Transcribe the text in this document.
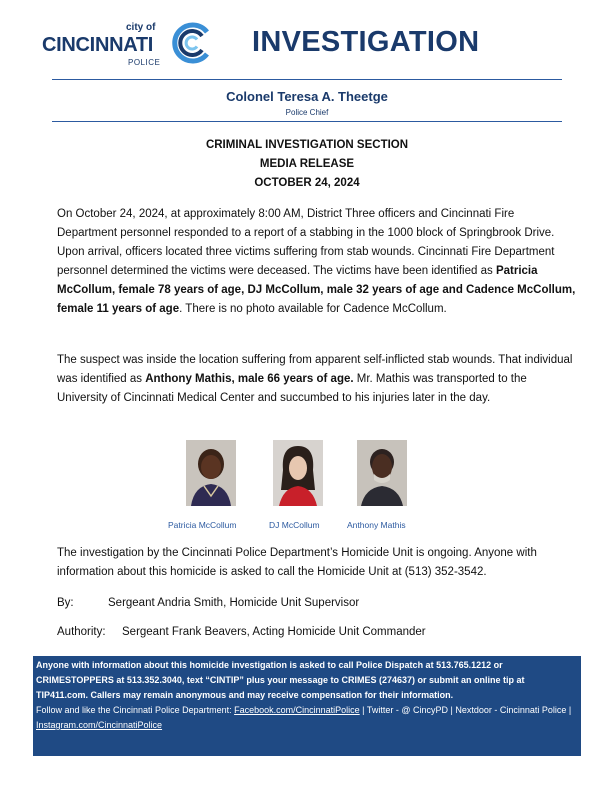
city of
CINCINNATI
POLICE
INVESTIGATION
Colonel Teresa A. Theetge
Police Chief
CRIMINAL INVESTIGATION SECTION
MEDIA RELEASE
OCTOBER 24, 2024
On October 24, 2024, at approximately 8:00 AM, District Three officers and Cincinnati Fire Department personnel responded to a report of a stabbing in the 1000 block of Springbrook Drive. Upon arrival, officers located three victims suffering from stab wounds. Cincinnati Fire Department personnel determined the victims were deceased. The victims have been identified as Patricia McCollum, female 78 years of age, DJ McCollum, male 32 years of age and Cadence McCollum, female 11 years of age. There is no photo available for Cadence McCollum.
The suspect was inside the location suffering from apparent self-inflicted stab wounds. That individual was identified as Anthony Mathis, male 66 years of age. Mr. Mathis was transported to the University of Cincinnati Medical Center and succumbed to his injuries later in the day.
Patricia McCollum	DJ McCollum	Anthony Mathis
The investigation by the Cincinnati Police Department’s Homicide Unit is ongoing. Anyone with information about this homicide is asked to call the Homicide Unit at (513) 352-3542.
By:	Sergeant Andria Smith, Homicide Unit Supervisor
Authority: Sergeant Frank Beavers, Acting Homicide Unit Commander
Anyone with information about this homicide investigation is asked to call Police Dispatch at 513.765.1212 or CRIMESTOPPERS at 513.352.3040, text “CINTIP” plus your message to CRIMES (274637) or submit an online tip at TIP411.com. Callers may remain anonymous and may receive compensation for their information.
Follow and like the Cincinnati Police Department: Facebook.com/CincinnatiPolice | Twitter - @ CincyPD | Nextdoor - Cincinnati Police | Instagram.com/CincinnatiPolice
